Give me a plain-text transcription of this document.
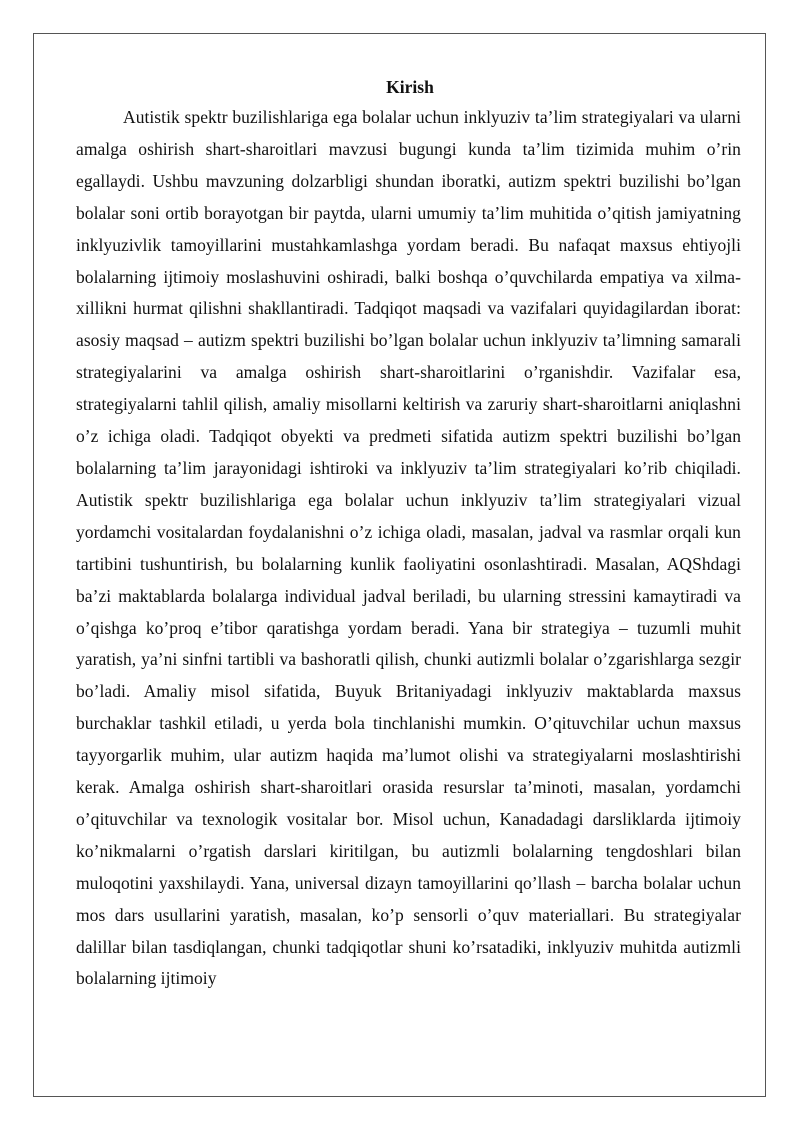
Kirish

Autistik spektr buzilishlariga ega bolalar uchun inklyuziv ta’lim strategiyalari va ularni amalga oshirish shart-sharoitlari mavzusi bugungi kunda ta’lim tizimida muhim o’rin egallaydi. Ushbu mavzuning dolzarbligi shundan iboratki, autizm spektri buzilishi bo’lgan bolalar soni ortib borayotgan bir paytda, ularni umumiy ta’lim muhitida o’qitish jamiyatning inklyuzivlik tamoyillarini mustahkamlashga yordam beradi. Bu nafaqat maxsus ehtiyojli bolalarning ijtimoiy moslashuvini oshiradi, balki boshqa o’quvchilarda empatiya va xilma-xillikni hurmat qilishni shakllantiradi. Tadqiqot maqsadi va vazifalari quyidagilardan iborat: asosiy maqsad – autizm spektri buzilishi bo’lgan bolalar uchun inklyuziv ta’limning samarali strategiyalarini va amalga oshirish shart-sharoitlarini o’rganishdir. Vazifalar esa, strategiyalarni tahlil qilish, amaliy misollarni keltirish va zaruriy shart-sharoitlarni aniqlashni o’z ichiga oladi. Tadqiqot obyekti va predmeti sifatida autizm spektri buzilishi bo’lgan bolalarning ta’lim jarayonidagi ishtiroki va inklyuziv ta’lim strategiyalari ko’rib chiqiladi. Autistik spektr buzilishlariga ega bolalar uchun inklyuziv ta’lim strategiyalari vizual yordamchi vositalardan foydalanishni o’z ichiga oladi, masalan, jadval va rasmlar orqali kun tartibini tushuntirish, bu bolalarning kunlik faoliyatini osonlashtiradi. Masalan, AQShdagi ba’zi maktablarda bolalarga individual jadval beriladi, bu ularning stressini kamaytiradi va o’qishga ko’proq e’tibor qaratishga yordam beradi. Yana bir strategiya – tuzumli muhit yaratish, ya’ni sinfni tartibli va bashoratli qilish, chunki autizmli bolalar o’zgarishlarga sezgir bo’ladi. Amaliy misol sifatida, Buyuk Britaniyadagi inklyuziv maktablarda maxsus burchaklar tashkil etiladi, u yerda bola tinchlanishi mumkin. O’qituvchilar uchun maxsus tayyorgarlik muhim, ular autizm haqida ma’lumot olishi va strategiyalarni moslashtirishi kerak. Amalga oshirish shart-sharoitlari orasida resurslar ta’minoti, masalan, yordamchi o’qituvchilar va texnologik vositalar bor. Misol uchun, Kanadadagi darsliklarda ijtimoiy ko’nikmalarni o’rgatish darslari kiritilgan, bu autizmli bolalarning tengdoshlari bilan muloqotini yaxshilaydi. Yana, universal dizayn tamoyillarini qo’llash – barcha bolalar uchun mos dars usullarini yaratish, masalan, ko’p sensorli o’quv materiallari. Bu strategiyalar dalillar bilan tasdiqlangan, chunki tadqiqotlar shuni ko’rsatadiki, inklyuziv muhitda autizmli bolalarning ijtimoiy
